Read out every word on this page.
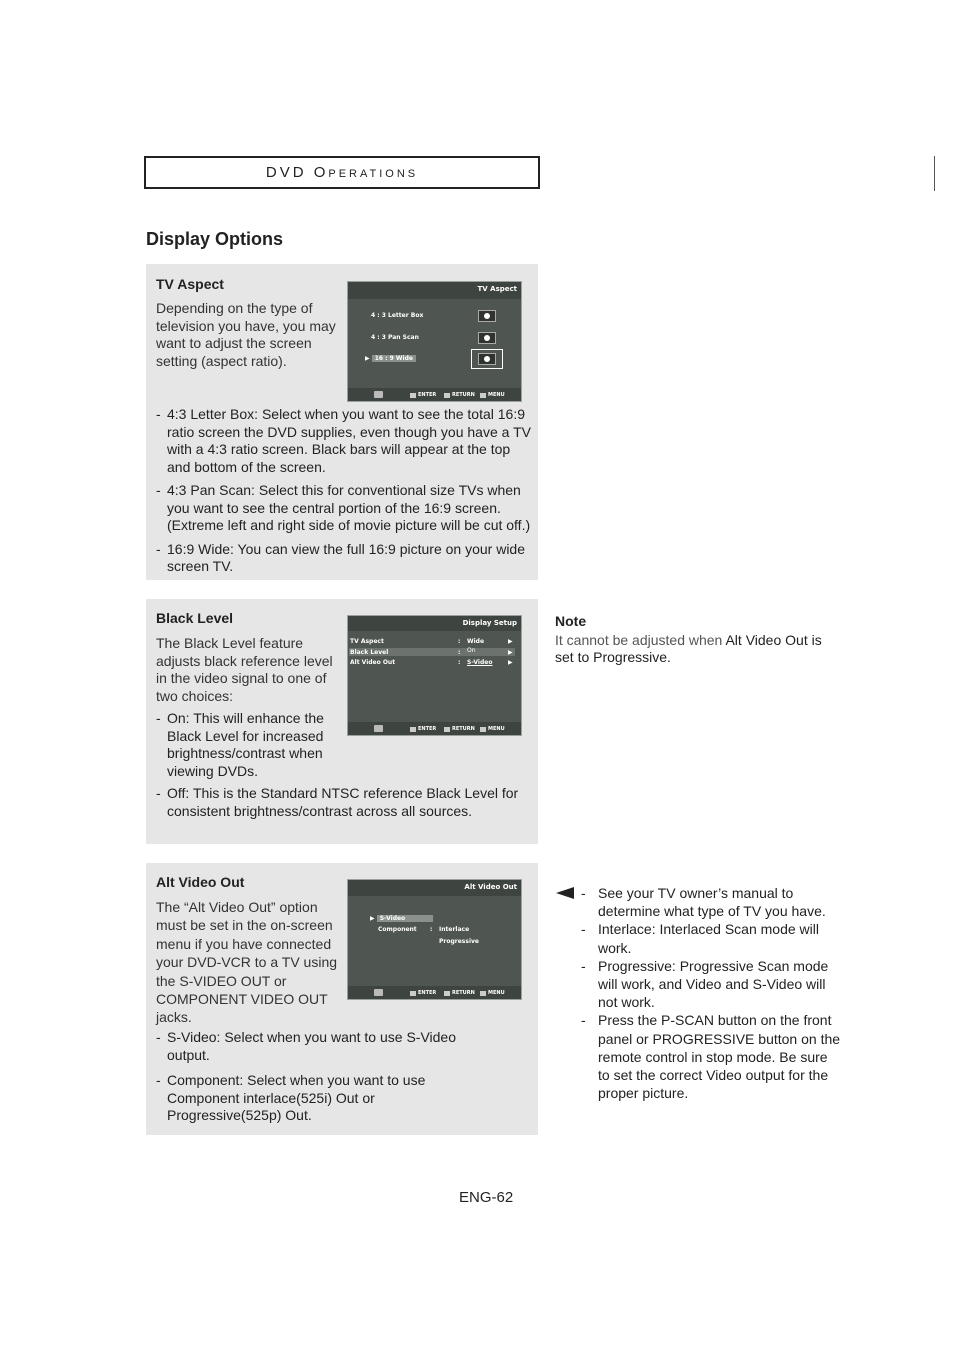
DVD Operations
Display Options
TV Aspect
Depending on the type of television you have, you may want to adjust the screen setting (aspect ratio).
TV Aspect
4 : 3 Letter Box
4 : 3 Pan Scan
▶ 16 : 9 Wide
ENTER	RETURN	MENU
- 4:3 Letter Box: Select when you want to see the total 16:9 ratio screen the DVD supplies, even though you have a TV with a 4:3 ratio screen. Black bars will appear at the top and bottom of the screen.
- 4:3 Pan Scan: Select this for conventional size TVs when you want to see the central portion of the 16:9 screen. (Extreme left and right side of movie picture will be cut off.)
- 16:9 Wide: You can view the full 16:9 picture on your wide screen TV.
Black Level
The Black Level feature adjusts black reference level in the video signal to one of two choices:
Display Setup
TV Aspect	: Wide	▶
Black Level	: On	▶
Alt Video Out	: S-Video	▶
ENTER	RETURN	MENU
- On: This will enhance the Black Level for increased brightness/contrast when viewing DVDs.
- Off: This is the Standard NTSC reference Black Level for consistent brightness/contrast across all sources.
Note
It cannot be adjusted when Alt Video Out is set to Progressive.
Alt Video Out
The “Alt Video Out” option must be set in the on-screen menu if you have connected your DVD-VCR to a TV using the S-VIDEO OUT or COMPONENT VIDEO OUT jacks.
Alt Video Out
▶ S-Video
Component : Interlace
Progressive
ENTER	RETURN	MENU
- S-Video: Select when you want to use S-Video output.
- Component: Select when you want to use Component interlace(525i) Out or Progressive(525p) Out.
- See your TV owner’s manual to determine what type of TV you have.
- Interlace: Interlaced Scan mode will work.
- Progressive: Progressive Scan mode will work, and Video and S-Video will not work.
- Press the P-SCAN button on the front panel or PROGRESSIVE button on the remote control in stop mode. Be sure to set the correct Video output for the proper picture.
ENG-62
